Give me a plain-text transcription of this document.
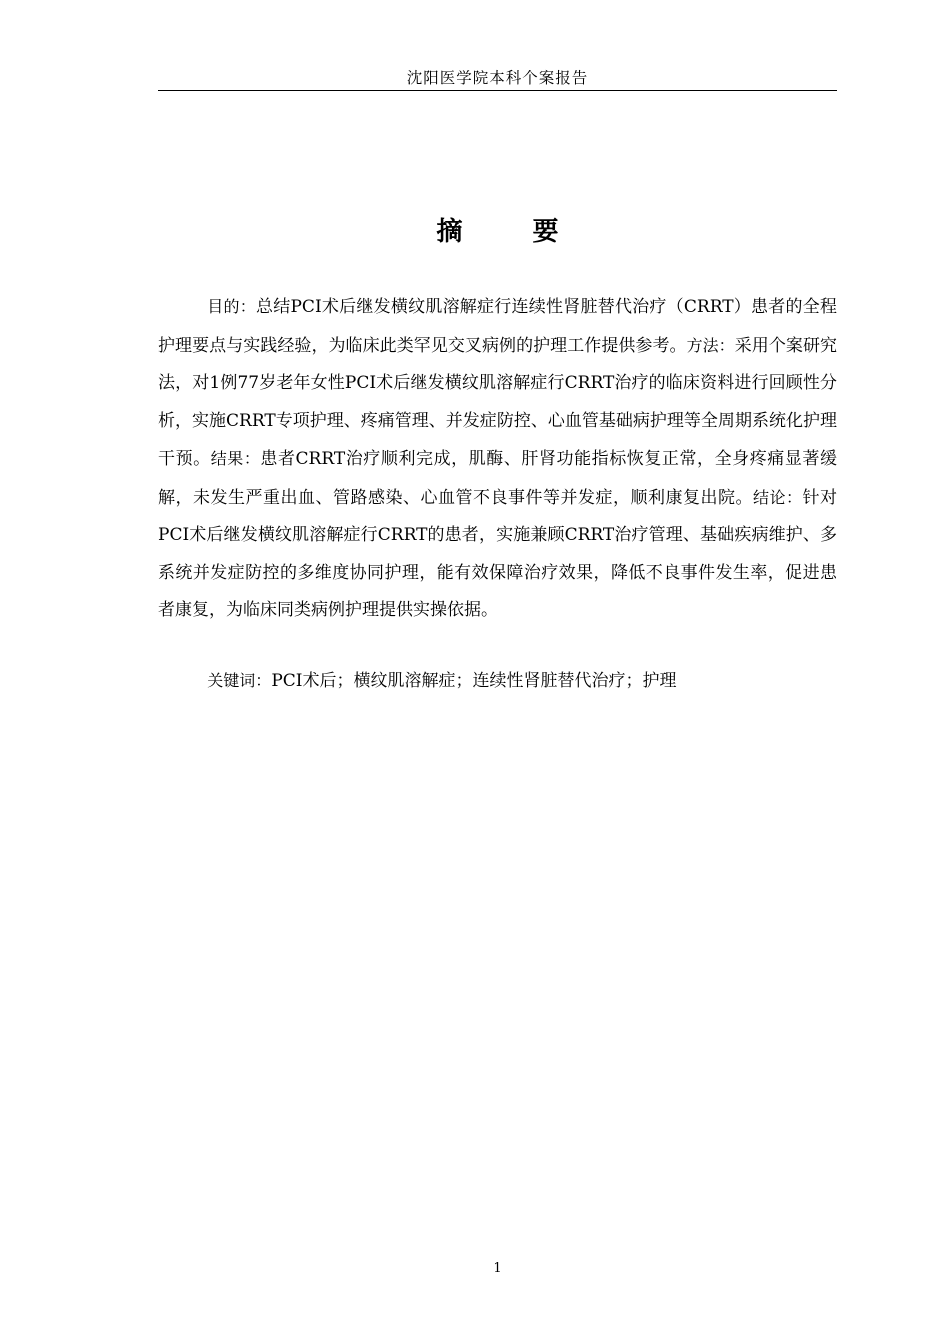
沈阳医学院本科个案报告
摘　要

目的：总结PCI术后继发横纹肌溶解症行连续性肾脏替代治疗（CRRT）患者的全程护理要点与实践经验，为临床此类罕见交叉病例的护理工作提供参考。方法：采用个案研究法，对1例77岁老年女性PCI术后继发横纹肌溶解症行CRRT治疗的临床资料进行回顾性分析，实施CRRT专项护理、疼痛管理、并发症防控、心血管基础病护理等全周期系统化护理干预。结果：患者CRRT治疗顺利完成，肌酶、肝肾功能指标恢复正常，全身疼痛显著缓解，未发生严重出血、管路感染、心血管不良事件等并发症，顺利康复出院。结论：针对PCI术后继发横纹肌溶解症行CRRT的患者，实施兼顾CRRT治疗管理、基础疾病维护、多系统并发症防控的多维度协同护理，能有效保障治疗效果，降低不良事件发生率，促进患者康复，为临床同类病例护理提供实操依据。

关键词：PCI术后；横纹肌溶解症；连续性肾脏替代治疗；护理

1
